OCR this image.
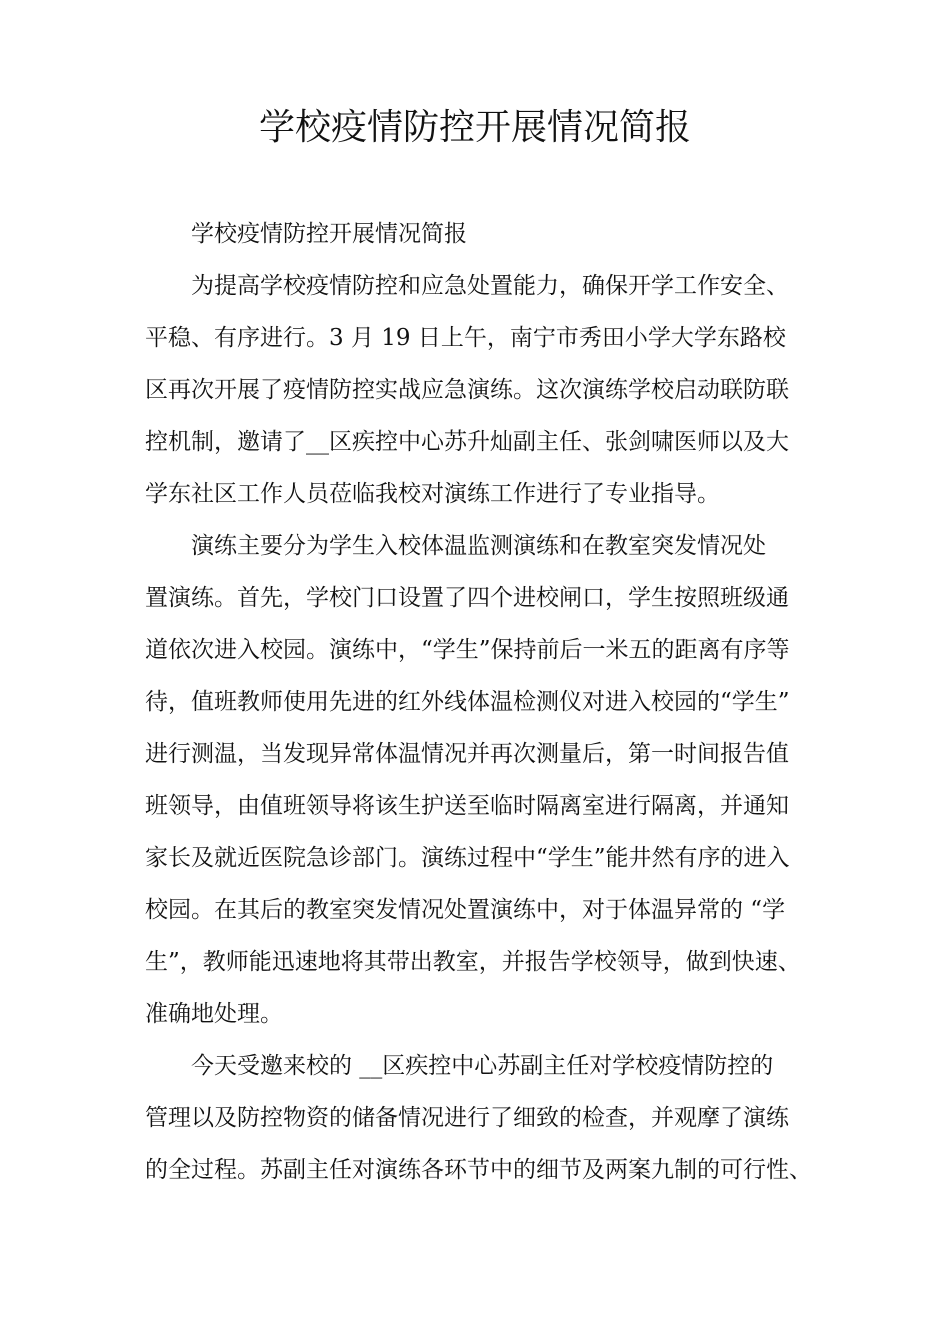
学校疫情防控开展情况简报
学校疫情防控开展情况简报
为提高学校疫情防控和应急处置能力，确保开学工作安全、
平稳、有序进行。3 月 19 日上午，南宁市秀田小学大学东路校
区再次开展了疫情防控实战应急演练。这次演练学校启动联防联
控机制，邀请了__区疾控中心苏升灿副主任、张剑啸医师以及大
学东社区工作人员莅临我校对演练工作进行了专业指导。
演练主要分为学生入校体温监测演练和在教室突发情况处
置演练。首先，学校门口设置了四个进校闸口，学生按照班级通
道依次进入校园。演练中，“学生”保持前后一米五的距离有序等
待，值班教师使用先进的红外线体温检测仪对进入校园的“学生”
进行测温，当发现异常体温情况并再次测量后，第一时间报告值
班领导，由值班领导将该生护送至临时隔离室进行隔离，并通知
家长及就近医院急诊部门。演练过程中“学生”能井然有序的进入
校园。在其后的教室突发情况处置演练中，对于体温异常的 “学
生”，教师能迅速地将其带出教室，并报告学校领导，做到快速、
准确地处理。
今天受邀来校的 __区疾控中心苏副主任对学校疫情防控的
管理以及防控物资的储备情况进行了细致的检查，并观摩了演练
的全过程。苏副主任对演练各环节中的细节及两案九制的可行性、
